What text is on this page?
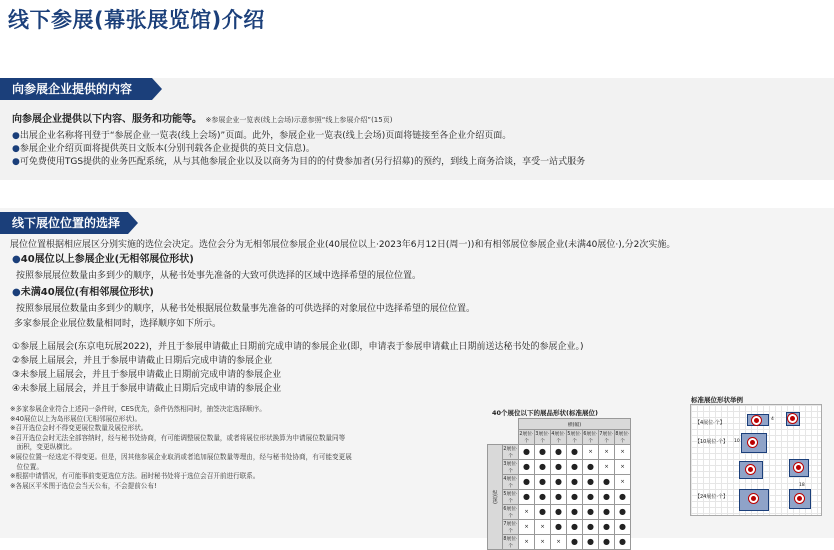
线下参展(幕张展览馆)介绍
向参展企业提供的内容
向参展企业提供以下内容、服务和功能等。 ※参展企业一览表(线上会场)示意参照“线上参展介绍”(15页)
●出展企业名称将刊登于“参展企业一览表(线上会场)”页面。此外，参展企业一览表(线上会场)页面将链接至各企业介绍页面。
●参展企业介绍页面将提供英日文版本(分别刊载各企业提供的英日文信息)。
●可免费使用TGS提供的业务匹配系统，从与其他参展企业以及以商务为目的的付费参加者(另行招募)的预约，到线上商务洽谈，享受一站式服务
线下展位位置的选择
展位位置根据相应展区分别实施的选位会决定。选位会分为无相邻展位参展企业(40展位以上·2023年6月12日(周一))和有相邻展位参展企业(未满40展位·),分2次实施。
●40展位以上参展企业(无相邻展位形状)
按照参展展位数量由多到少的顺序，从秘书处事先准备的大致可供选择的区域中选择希望的展位位置。
●未满40展位(有相邻展位形状)
按照参展展位数量由多到少的顺序，从秘书处根据展位数量事先准备的可供选择的对象展位中选择希望的展位位置。
多家参展企业展位数量相同时，选择顺序如下所示。
①参展上届展会(东京电玩展2022)，并且于参展申请截止日期前完成申请的参展企业(即，申请表于参展申请截止日期前送达秘书处的参展企业。)
②参展上届展会，并且于参展申请截止日期后完成申请的参展企业
③未参展上届展会，并且于参展申请截止日期前完成申请的参展企业
④未参展上届展会，并且于参展申请截止日期后完成申请的参展企业
※多家参展企业符合上述同一条件时，CES优先，条件仍然相同时，抽签决定选择顺序。
※40展位以上为岛形展位(无相邻展位形状)。
※召开选位会时不得变更展位数量及展位形状。
※召开选位会时无法全部容纳时，经与秘书处协商，有可能调整展位数量，或者将展位形状换算为申请展位数量同等
　面积，变更纵横比。
※展位位置一经选定不得变更。但是，因其他参展企业取消或者追加展位数量等理由，经与秘书处协商，有可能变更展
　位位置。
※根据申请情况，有可能事前变更选位方法。届时秘书处将于选位会召开前进行联系。
※各展区平米图于选位会当天公布，不会提前公布!
40个展位以下的展品形状(标准展位)
		横(幅)						
		2展位·个	3展位·个	4展位·个	5展位·个	6展位·个	7展位·个	8展位·个
纵(深)	2展位·个	●	●	●	●	×	×	×
	3展位·个	●	●	●	●	●	×	×
	4展位·个	●	●	●	●	●	●	×
	5展位·个	●	●	●	●	●	●	●
	6展位·个	×	●	●	●	●	●	●
	7展位·个	×	×	●	●	●	●	●
	8展位·个	×	×	×	●	●	●	●
标准展位形状举例
【4展位·个】
4
【10展位·个】 10
【24展位·个】
18
